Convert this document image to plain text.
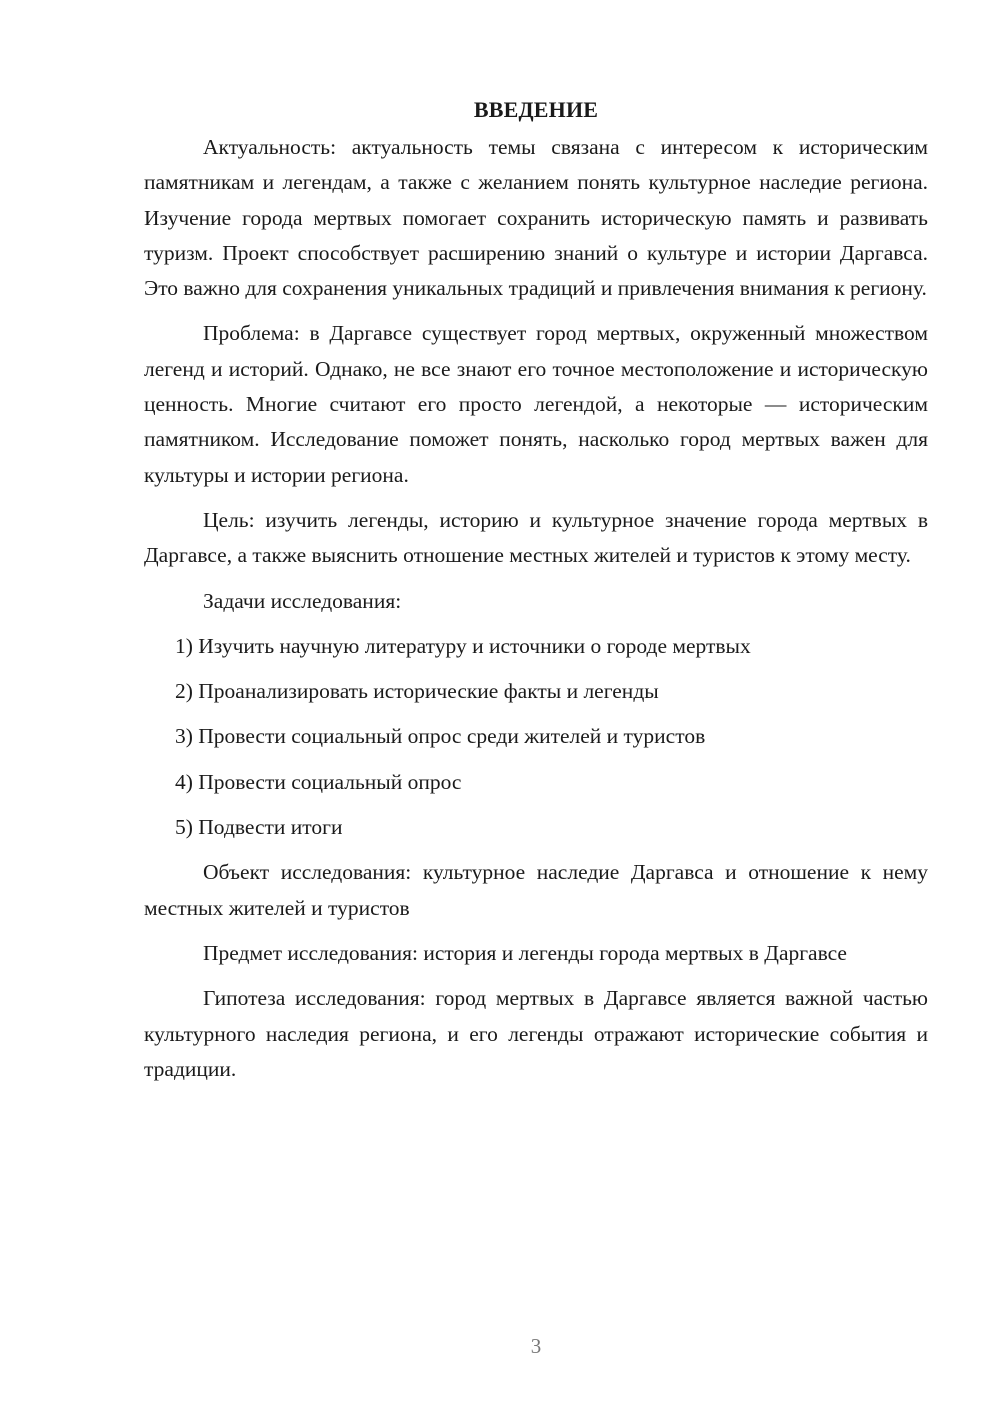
ВВЕДЕНИЕ

Актуальность: актуальность темы связана с интересом к историческим памятникам и легендам, а также с желанием понять культурное наследие региона. Изучение города мертвых помогает сохранить историческую память и развивать туризм. Проект способствует расширению знаний о культуре и истории Даргавса. Это важно для сохранения уникальных традиций и привлечения внимания к региону.

Проблема: в Даргавсе существует город мертвых, окруженный множеством легенд и историй. Однако, не все знают его точное местоположение и историческую ценность. Многие считают его просто легендой, а некоторые — историческим памятником. Исследование поможет понять, насколько город мертвых важен для культуры и истории региона.

Цель: изучить легенды, историю и культурное значение города мертвых в Даргавсе, а также выяснить отношение местных жителей и туристов к этому месту.

Задачи исследования:

1) Изучить научную литературу и источники о городе мертвых
2) Проанализировать исторические факты и легенды
3) Провести социальный опрос среди жителей и туристов
4) Провести социальный опрос
5) Подвести итоги

Объект исследования: культурное наследие Даргавса и отношение к нему местных жителей и туристов

Предмет исследования: история и легенды города мертвых в Даргавсе

Гипотеза исследования: город мертвых в Даргавсе является важной частью культурного наследия региона, и его легенды отражают исторические события и традиции.

3
